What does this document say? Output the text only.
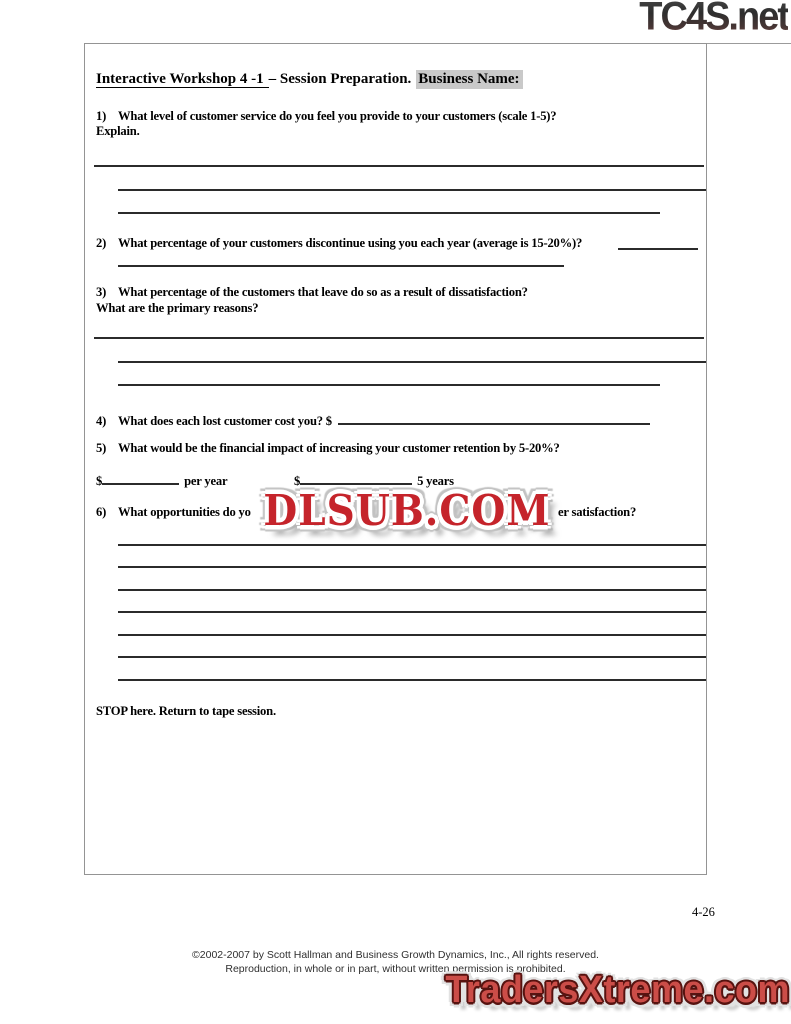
TC4S.net
Interactive Workshop 4 -1 – Session Preparation. Business Name:
1) What level of customer service do you feel you provide to your customers (scale 1-5)?
Explain.
2) What percentage of your customers discontinue using you each year (average is 15-20%)?
3) What percentage of the customers that leave do so as a result of dissatisfaction?
What are the primary reasons?
4) What does each lost customer cost you? $
5) What would be the financial impact of increasing your customer retention by 5-20%?
$	per year	$	5 years
6) What opportunities do yo	er satisfaction?
STOP here. Return to tape session.
DLSUB.COM
4-26
©2002-2007 by Scott Hallman and Business Growth Dynamics, Inc., All rights reserved.
Reproduction, in whole or in part, without written permission is prohibited.
TradersXtreme.com
